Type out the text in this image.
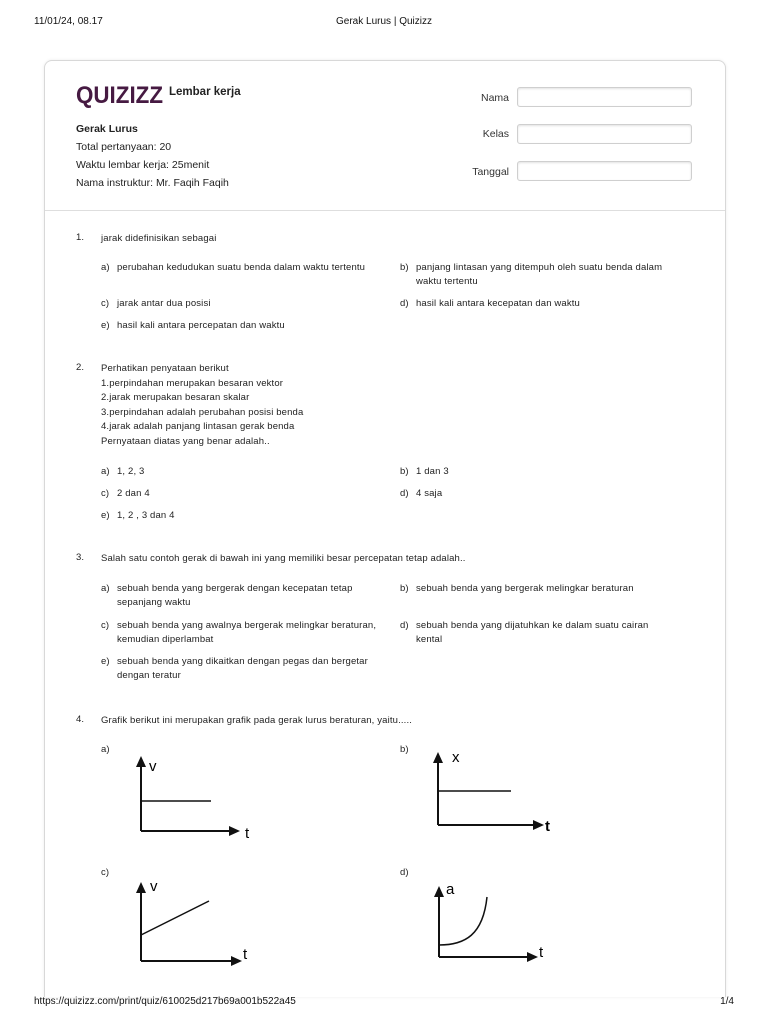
11/01/24, 08.17	Gerak Lurus | Quizizz
QUIZIZZ Lembar kerja
Gerak Lurus
Total pertanyaan: 20
Waktu lembar kerja: 25menit
Nama instruktur: Mr. Faqih Faqih
Nama
Kelas
Tanggal
1. jarak didefinisikan sebagai
a) perubahan kedudukan suatu benda dalam waktu tertentu	b) panjang lintasan yang ditempuh oleh suatu benda dalam
waktu tertentu
c) jarak antar dua posisi	d) hasil kali antara kecepatan dan waktu
e) hasil kali antara percepatan dan waktu
2. Perhatikan penyataan berikut
1.perpindahan merupakan besaran vektor
2.jarak merupakan besaran skalar
3.perpindahan adalah perubahan posisi benda
4.jarak adalah panjang lintasan gerak benda
Pernyataan diatas yang benar adalah..
a) 1, 2, 3	b) 1 dan 3
c) 2 dan 4	d) 4 saja
e) 1, 2 , 3 dan 4
3. Salah satu contoh gerak di bawah ini yang memiliki besar percepatan tetap adalah..
a) sebuah benda yang bergerak dengan kecepatan tetap
sepanjang waktu
b) sebuah benda yang bergerak melingkar beraturan
c) sebuah benda yang awalnya bergerak melingkar beraturan,
kemudian diperlambat
d) sebuah benda yang dijatuhkan ke dalam suatu cairan
kental
e) sebuah benda yang dikaitkan dengan pegas dan bergetar
dengan teratur
4. Grafik berikut ini merupakan grafik pada gerak lurus beraturan, yaitu.....
a)
v
t
b)	x
t
c)
v
t
d)
a
t
https://quizizz.com/print/quiz/610025d217b69a001b522a45	1/4
